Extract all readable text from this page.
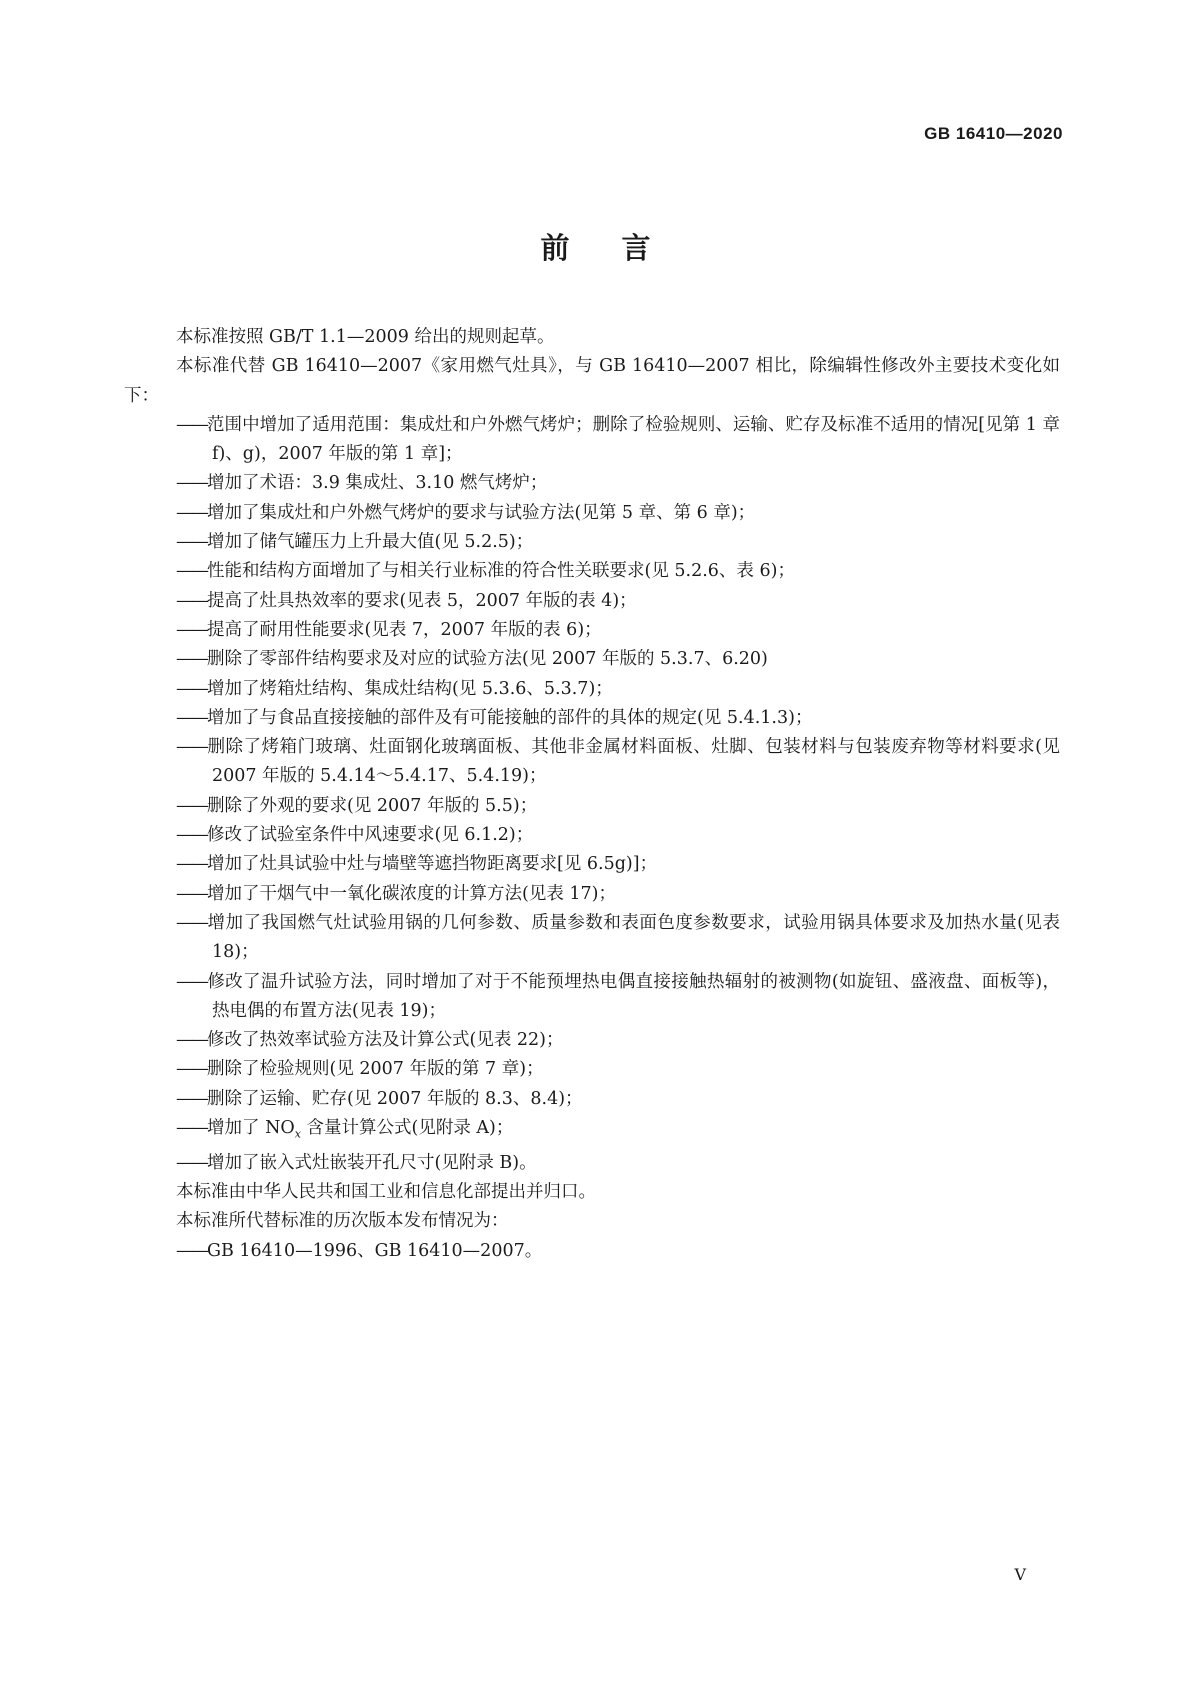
GB 16410—2020
前言

本标准按照 GB/T 1.1—2009 给出的规则起草。

本标准代替 GB 16410—2007《家用燃气灶具》，与 GB 16410—2007 相比，除编辑性修改外主要技术变化如下：

——范围中增加了适用范围：集成灶和户外燃气烤炉；删除了检验规则、运输、贮存及标准不适用的情况[见第 1 章 f)、g)，2007 年版的第 1 章]；

——增加了术语：3.9 集成灶、3.10 燃气烤炉；

——增加了集成灶和户外燃气烤炉的要求与试验方法(见第 5 章、第 6 章)；

——增加了储气罐压力上升最大值(见 5.2.5)；

——性能和结构方面增加了与相关行业标准的符合性关联要求(见 5.2.6、表 6)；

——提高了灶具热效率的要求(见表 5，2007 年版的表 4)；

——提高了耐用性能要求(见表 7，2007 年版的表 6)；

——删除了零部件结构要求及对应的试验方法(见 2007 年版的 5.3.7、6.20)

——增加了烤箱灶结构、集成灶结构(见 5.3.6、5.3.7)；

——增加了与食品直接接触的部件及有可能接触的部件的具体的规定(见 5.4.1.3)；

——删除了烤箱门玻璃、灶面钢化玻璃面板、其他非金属材料面板、灶脚、包装材料与包装废弃物等材料要求(见 2007 年版的 5.4.14～5.4.17、5.4.19)；

——删除了外观的要求(见 2007 年版的 5.5)；

——修改了试验室条件中风速要求(见 6.1.2)；

——增加了灶具试验中灶与墙壁等遮挡物距离要求[见 6.5g)]；

——增加了干烟气中一氧化碳浓度的计算方法(见表 17)；

——增加了我国燃气灶试验用锅的几何参数、质量参数和表面色度参数要求，试验用锅具体要求及加热水量(见表 18)；

——修改了温升试验方法，同时增加了对于不能预埋热电偶直接接触热辐射的被测物(如旋钮、盛液盘、面板等)，热电偶的布置方法(见表 19)；

——修改了热效率试验方法及计算公式(见表 22)；

——删除了检验规则(见 2007 年版的第 7 章)；

——删除了运输、贮存(见 2007 年版的 8.3、8.4)；

——增加了 $NO_x$ 含量计算公式(见附录 A)；

——增加了嵌入式灶嵌装开孔尺寸(见附录 B)。

本标准由中华人民共和国工业和信息化部提出并归口。

本标准所代替标准的历次版本发布情况为：

——GB 16410—1996、GB 16410—2007。

V
